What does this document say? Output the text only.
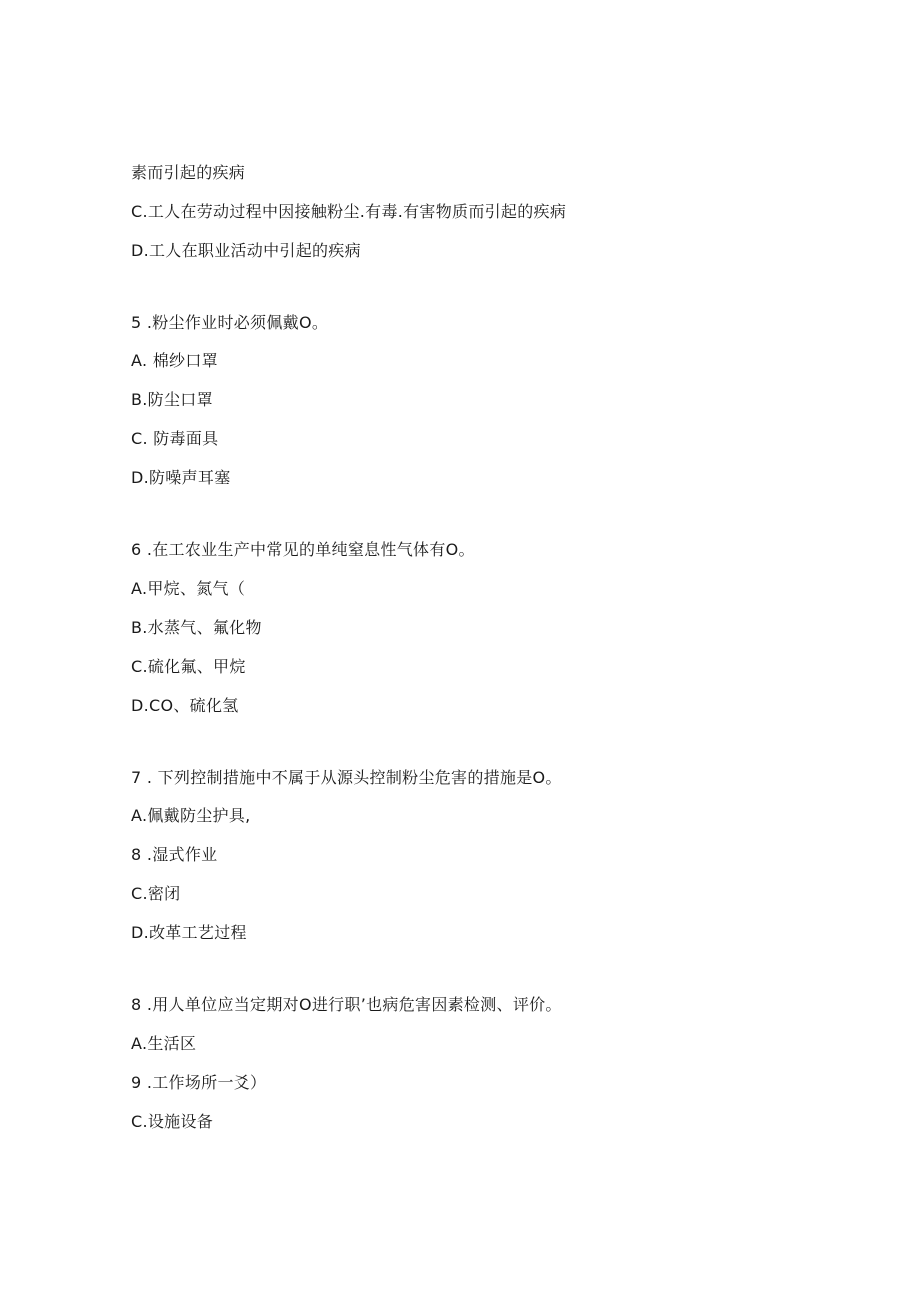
素而引起的疾病
C.工人在劳动过程中因接触粉尘.有毒.有害物质而引起的疾病
D.工人在职业活动中引起的疾病
5 .粉尘作业时必须佩戴O。
A. 棉纱口罩
B.防尘口罩
C. 防毒面具
D.防噪声耳塞
6 .在工农业生产中常见的单纯窒息性气体有O。
A.甲烷、氮气（
B.水蒸气、氟化物
C.硫化氟、甲烷
D.CO、硫化氢
7 . 下列控制措施中不属于从源头控制粉尘危害的措施是O。
A.佩戴防尘护具,
8 .湿式作业
C.密闭
D.改革工艺过程
8 .用人单位应当定期对O进行职’也病危害因素检测、评价。
A.生活区
9 .工作场所一爻）
C.设施设备
